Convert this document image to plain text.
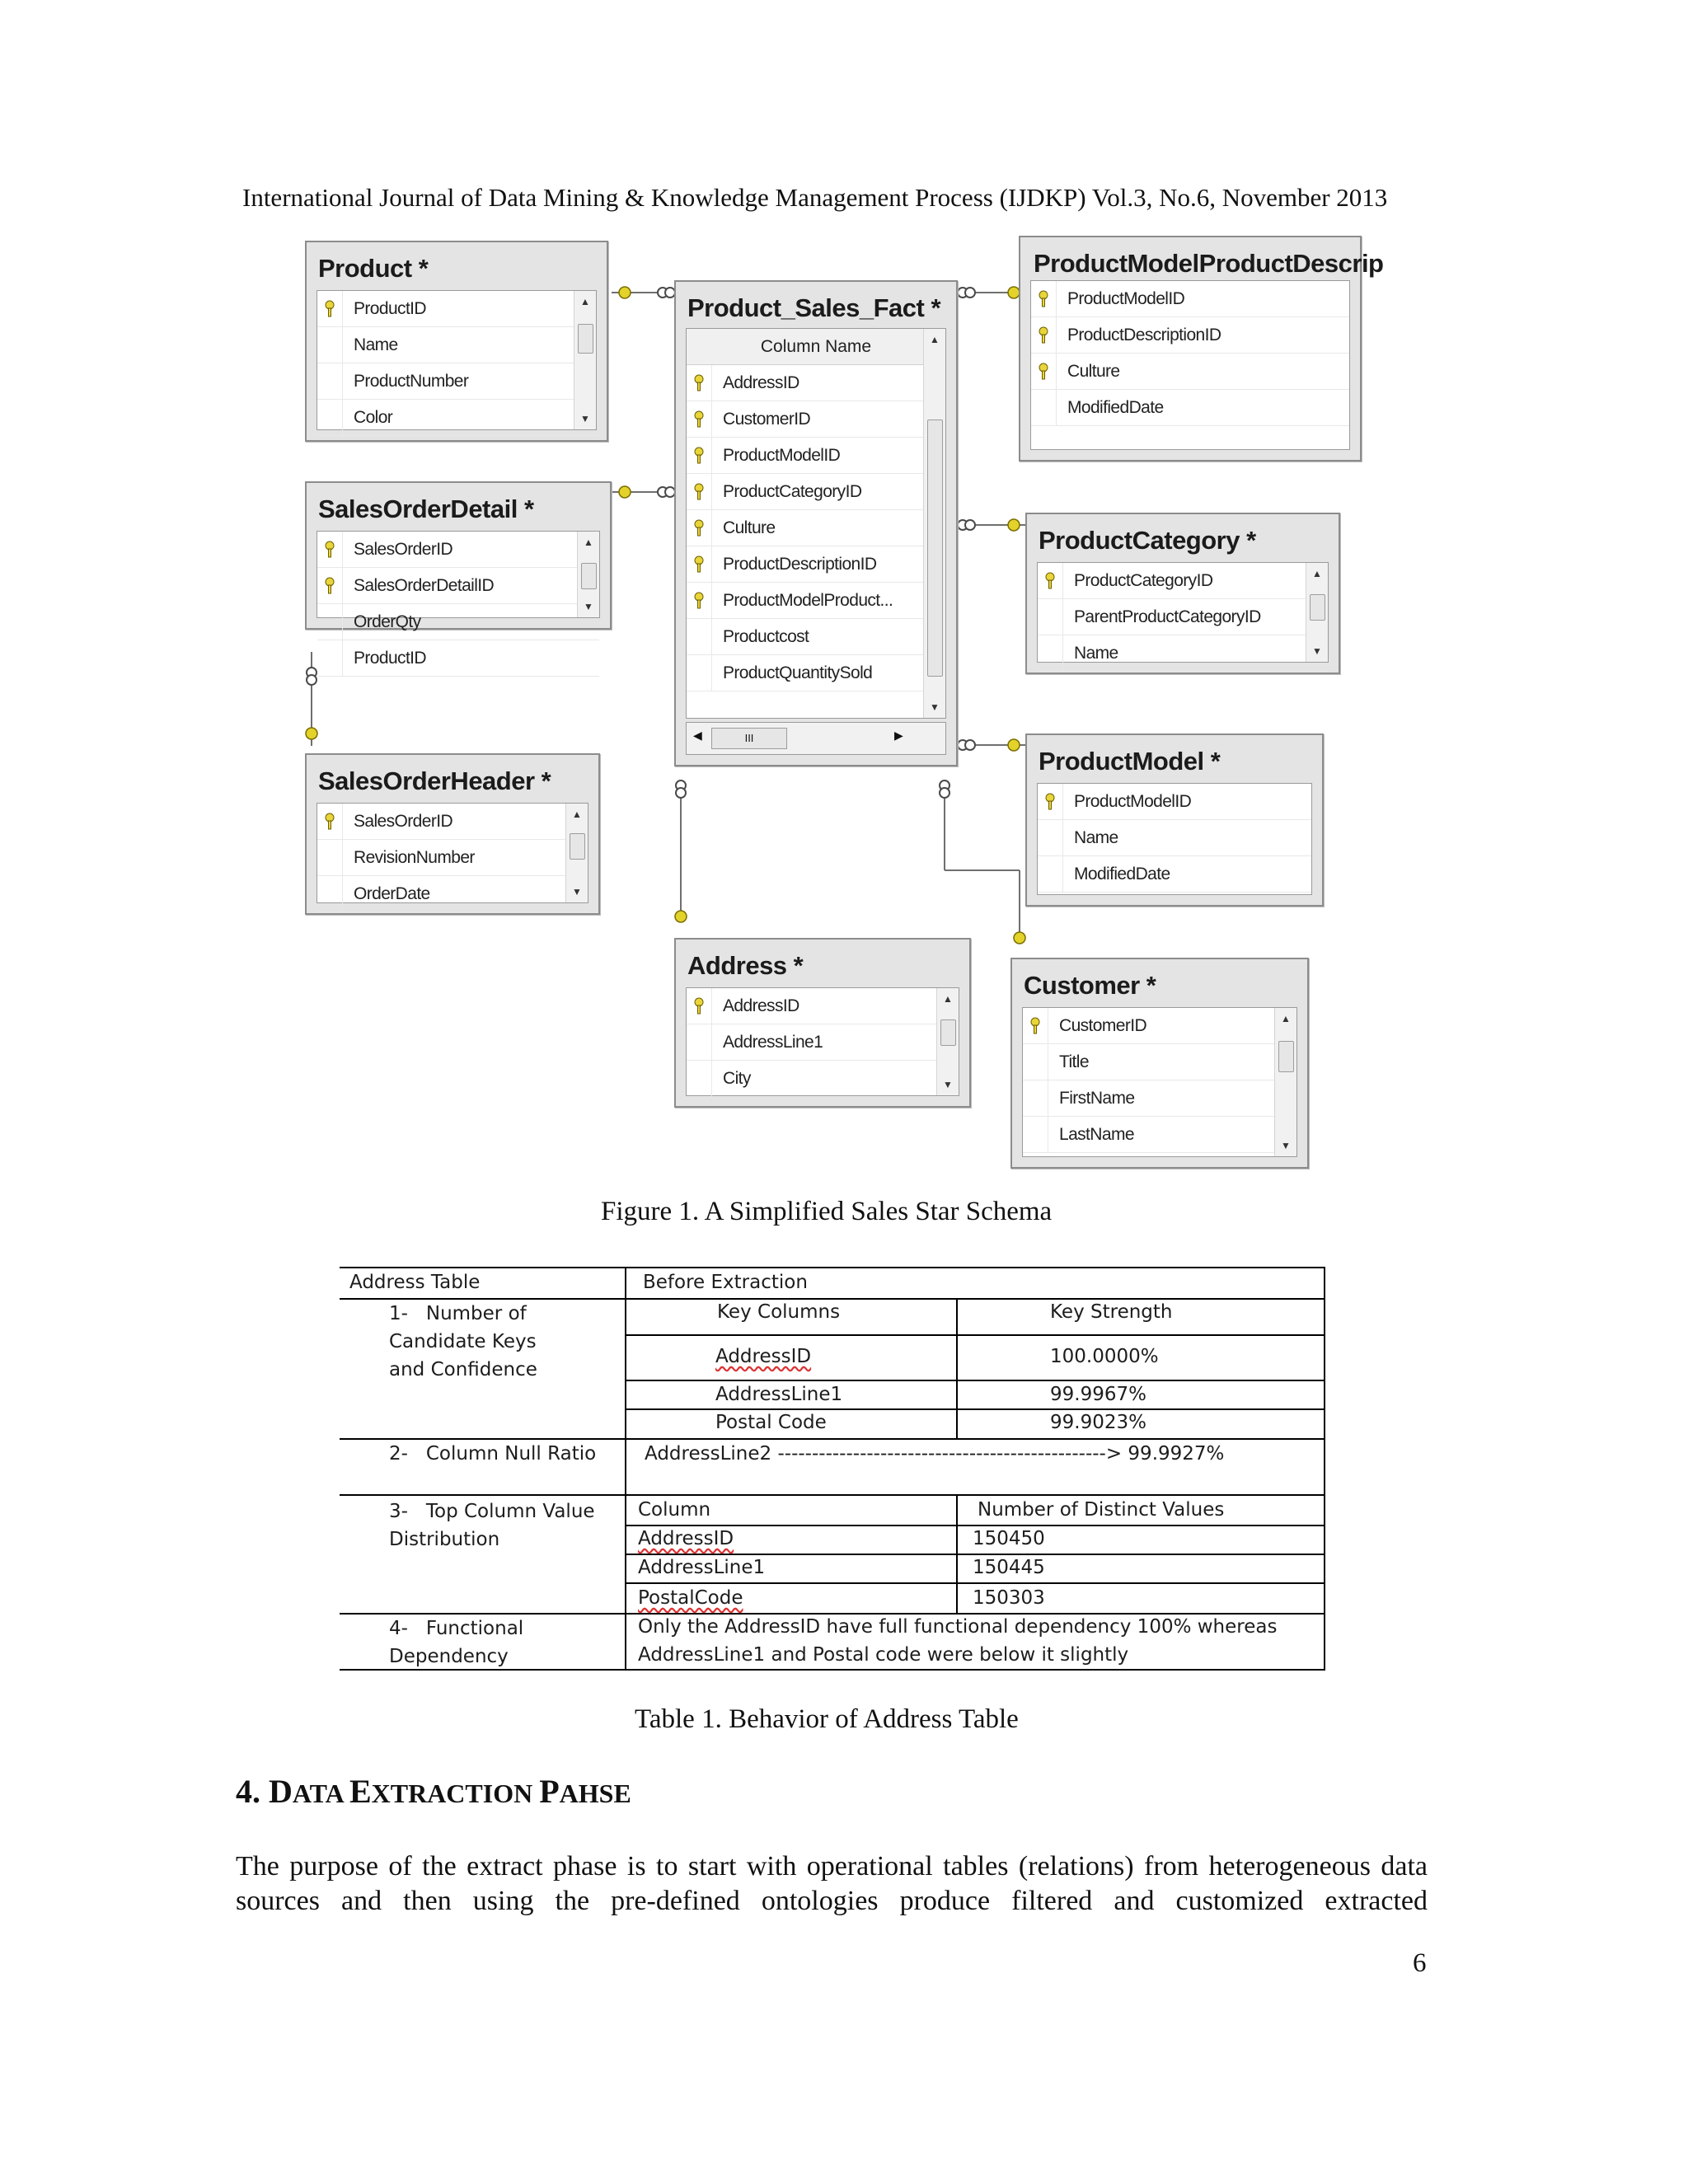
International Journal of Data Mining & Knowledge Management Process (IJDKP) Vol.3, No.6, November 2013
Product *
ProductID
Name
ProductNumber
Color
▲
▼
SalesOrderDetail *
SalesOrderID
SalesOrderDetailID
OrderQty
ProductID
▲
▼
SalesOrderHeader *
SalesOrderID
RevisionNumber
OrderDate
▲
▼
Product_Sales_Fact *
Column Name
AddressID
CustomerID
ProductModelID
ProductCategoryID
Culture
ProductDescriptionID
ProductModelProduct...
Productcost
ProductQuantitySold
▲
▼
◀	III	▶
ProductModelProductDescrip
ProductModelID
ProductDescriptionID
Culture
ModifiedDate
ProductCategory *
ProductCategoryID
ParentProductCategoryID
Name
▲
▼
ProductModel *
ProductModelID
Name
ModifiedDate
Address *
AddressID
AddressLine1
City
▲
▼
Customer *
CustomerID
Title
FirstName
LastName
▲
▼
Figure 1. A Simplified Sales Star Schema
Address Table	Before Extraction
1-   Number of
Candidate Keys
and Confidence
Key Columns	Key Strength
AddressID	100.0000%
AddressLine1	99.9967%
Postal Code	99.9023%
2-   Column Null Ratio	AddressLine2 ------------------------------------------------> 99.9927%
3-   Top Column Value
Distribution
Column	Number of Distinct Values
AddressID	150450
AddressLine1	150445
PostalCode	150303
4-   Functional
Dependency
Only the AddressID have full functional dependency 100% whereas
AddressLine1 and Postal code were below it slightly
Table 1. Behavior of Address Table
4. DATA EXTRACTION PAHSE
The purpose of the extract phase is to start with operational tables (relations) from heterogeneous data sources and then using the pre-defined ontologies produce filtered and customized extracted
6
